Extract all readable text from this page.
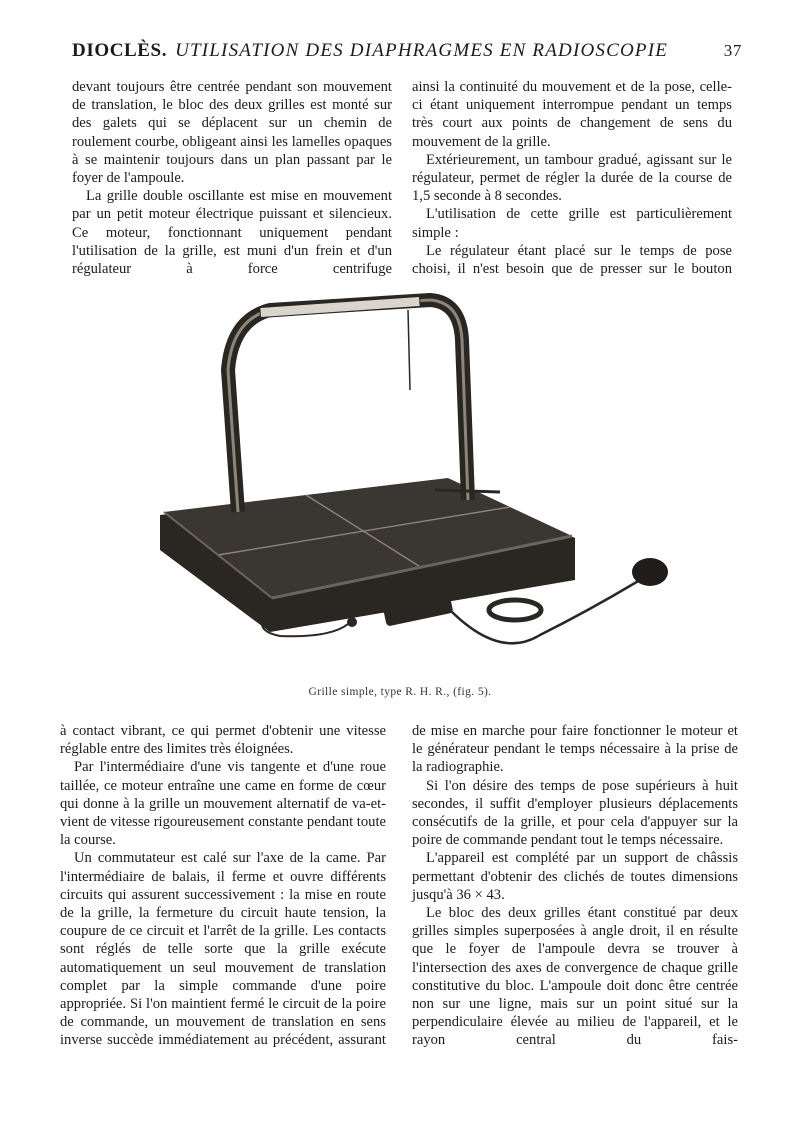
DIOCLÈS. UTILISATION DES DIAPHRAGMES EN RADIOSCOPIE	37

devant toujours être centrée pendant son mouvement de translation, le bloc des deux grilles est monté sur des galets qui se déplacent sur un chemin de roulement courbe, obligeant ainsi les lamelles opaques à se maintenir toujours dans un plan passant par le foyer de l'ampoule.

La grille double oscillante est mise en mouvement par un petit moteur électrique puissant et silencieux. Ce moteur, fonctionnant uniquement pendant l'utilisation de la grille, est muni d'un frein et d'un régulateur à force centrifuge

ainsi la continuité du mouvement et de la pose, celle-ci étant uniquement interrompue pendant un temps très court aux points de changement de sens du mouvement de la grille.

Extérieurement, un tambour gradué, agissant sur le régulateur, permet de régler la durée de la course de 1,5 seconde à 8 secondes.

L'utilisation de cette grille est particulièrement simple :

Le régulateur étant placé sur le temps de pose choisi, il n'est besoin que de presser sur le bouton

Grille simple, type R. H. R., (fig. 5).

à contact vibrant, ce qui permet d'obtenir une vitesse réglable entre des limites très éloignées.

Par l'intermédiaire d'une vis tangente et d'une roue taillée, ce moteur entraîne une came en forme de cœur qui donne à la grille un mouvement alternatif de va-et-vient de vitesse rigoureusement constante pendant toute la course.

Un commutateur est calé sur l'axe de la came. Par l'intermédiaire de balais, il ferme et ouvre différents circuits qui assurent successivement : la mise en route de la grille, la fermeture du circuit haute tension, la coupure de ce circuit et l'arrêt de la grille. Les contacts sont réglés de telle sorte que la grille exécute automatiquement un seul mouvement de translation complet par la simple commande d'une poire appropriée. Si l'on maintient fermé le circuit de la poire de commande, un mouvement de translation en sens inverse succède immédiatement au précédent, assurant

de mise en marche pour faire fonctionner le moteur et le générateur pendant le temps nécessaire à la prise de la radiographie.

Si l'on désire des temps de pose supérieurs à huit secondes, il suffit d'employer plusieurs déplacements consécutifs de la grille, et pour cela d'appuyer sur la poire de commande pendant tout le temps nécessaire.

L'appareil est complété par un support de châssis permettant d'obtenir des clichés de toutes dimensions jusqu'à 36 × 43.

Le bloc des deux grilles étant constitué par deux grilles simples superposées à angle droit, il en résulte que le foyer de l'ampoule devra se trouver à l'intersection des axes de convergence de chaque grille constitutive du bloc. L'ampoule doit donc être centrée non sur une ligne, mais sur un point situé sur la perpendiculaire élevée au milieu de l'appareil, et le rayon central du fais-
